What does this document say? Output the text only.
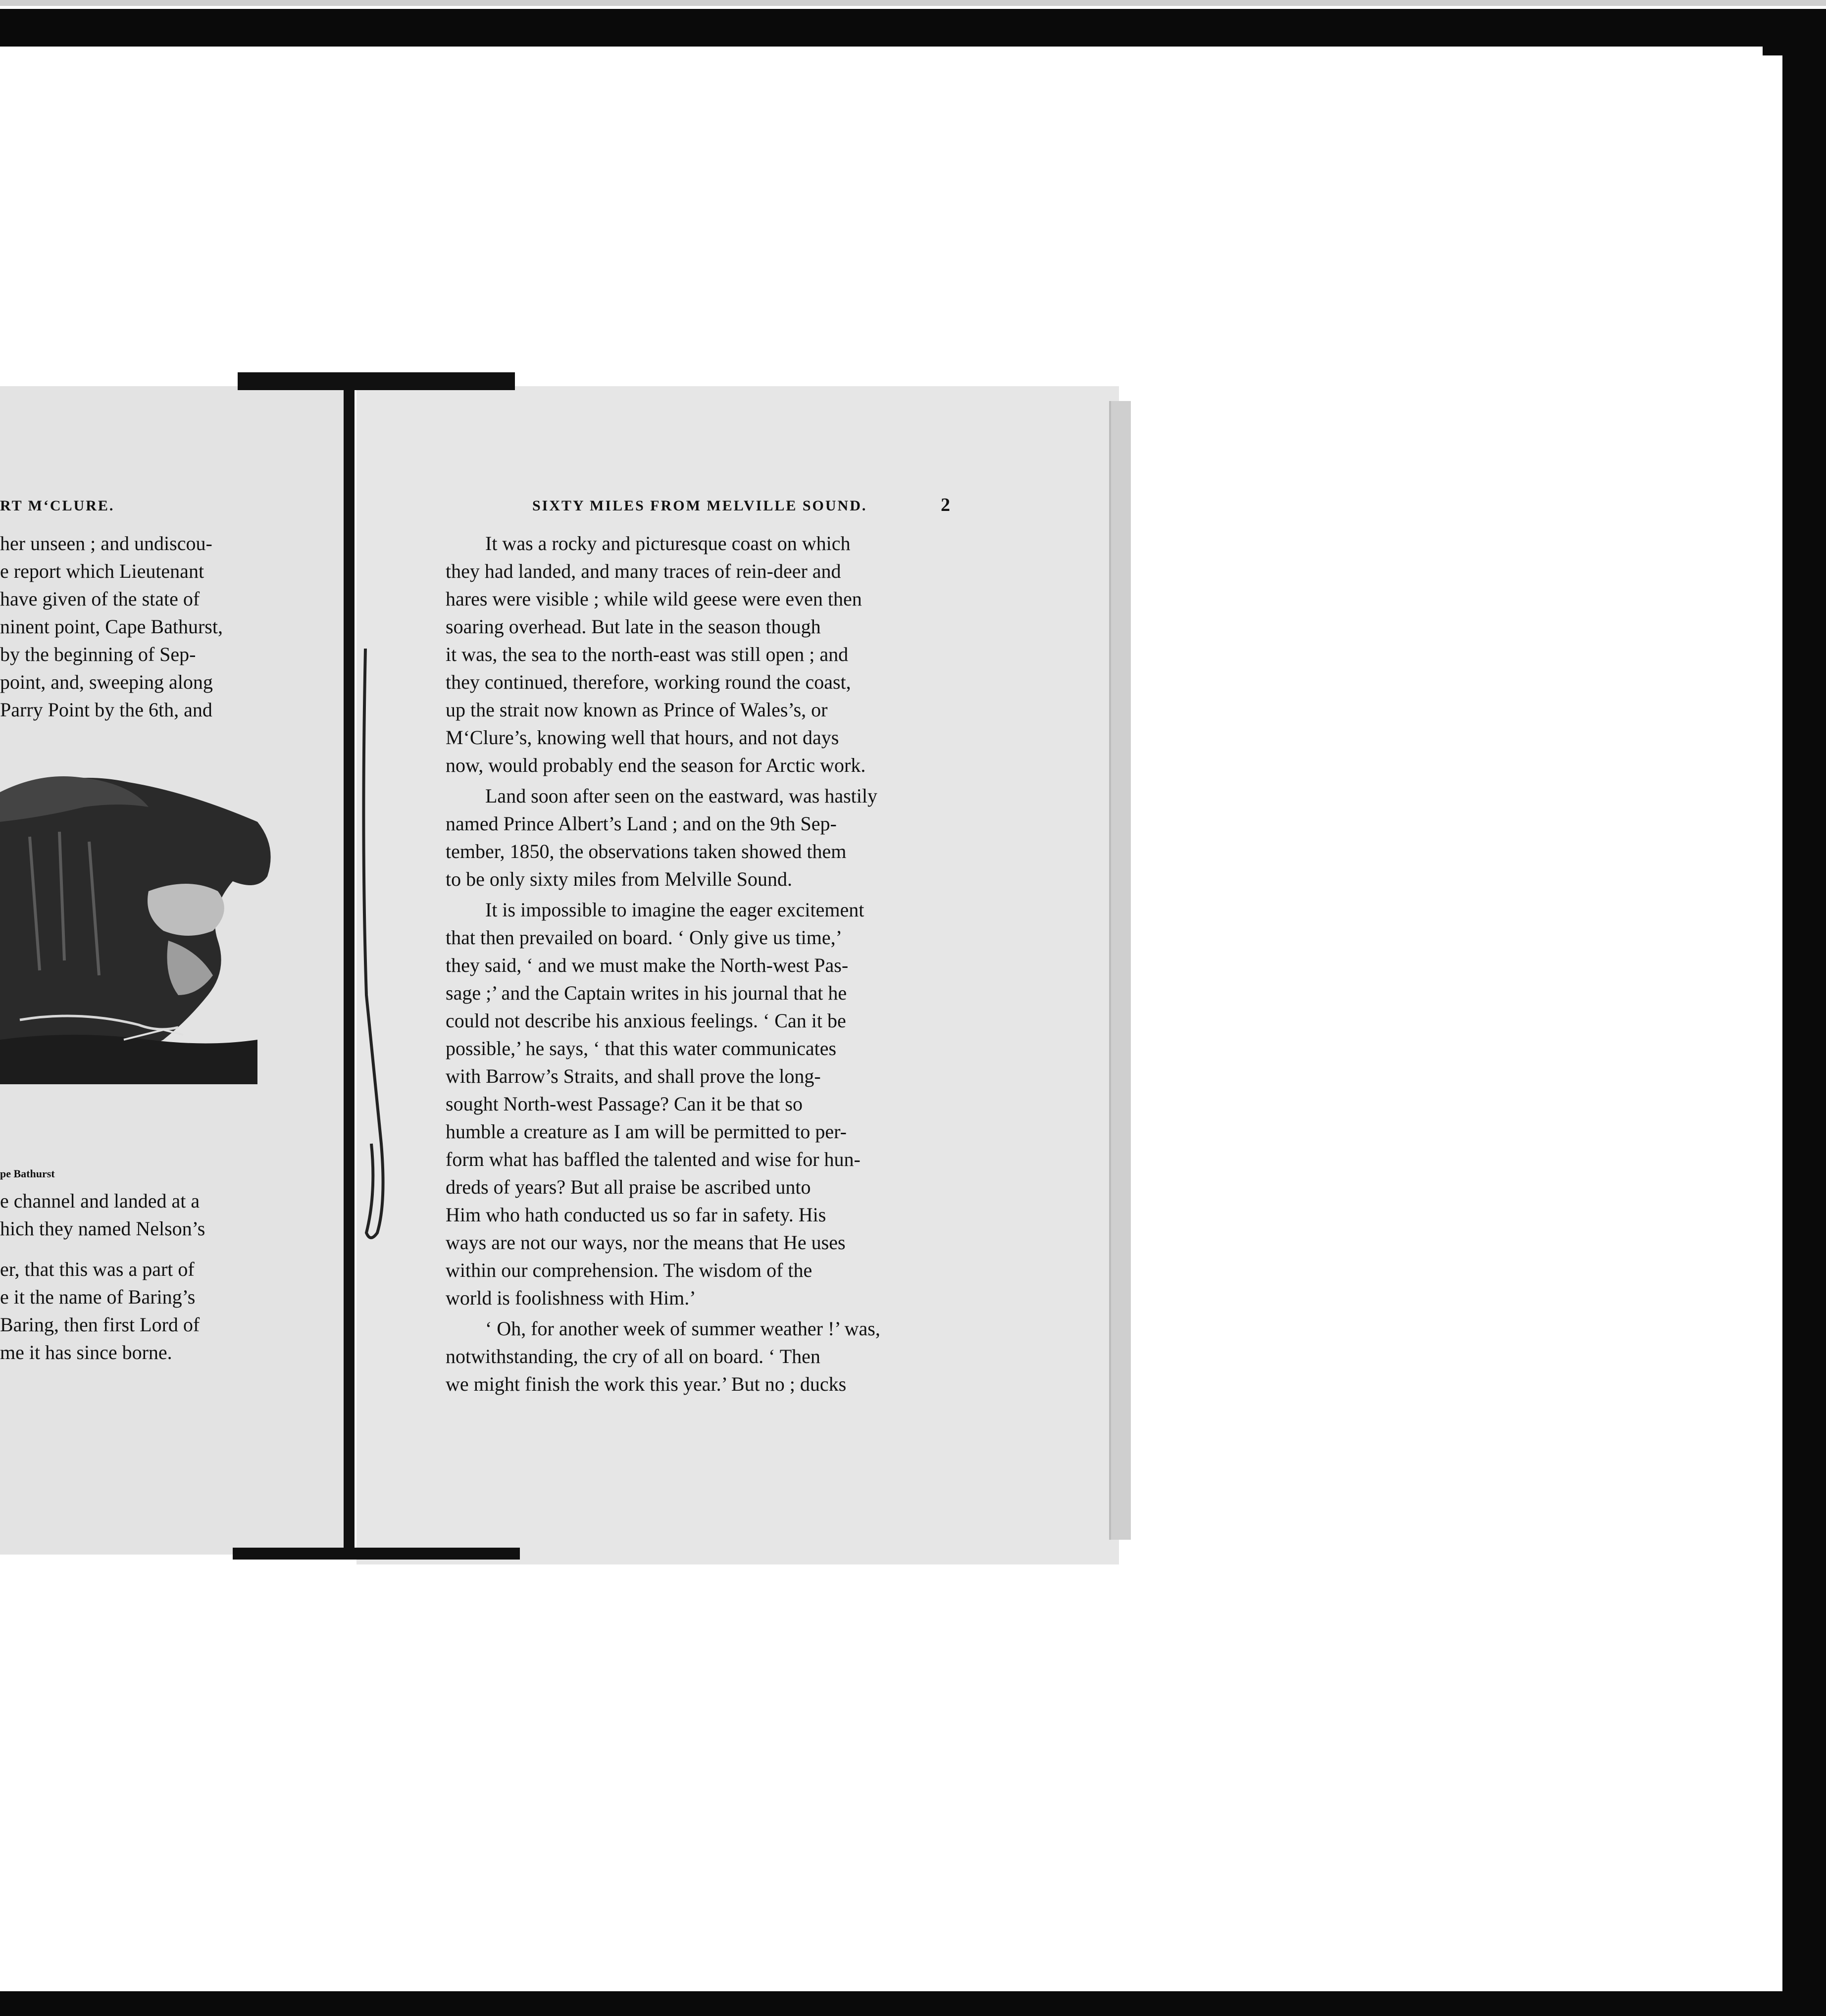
RT M‘CLURE.
her unseen ; and undiscou-
e report which Lieutenant
have given of the state of
ninent point, Cape Bathurst,
by the beginning of Sep-
point, and, sweeping along
Parry Point by the 6th, and
pe Bathurst
e channel and landed at a
hich they named Nelson’s
er, that this was a part of
e it the name of Baring’s
Baring, then first Lord of
me it has since borne.
SIXTY MILES FROM MELVILLE SOUND.	2
It was a rocky and picturesque coast on which
they had landed, and many traces of rein-deer and
hares were visible ; while wild geese were even then
soaring overhead. But late in the season though
it was, the sea to the north-east was still open ; and
they continued, therefore, working round the coast,
up the strait now known as Prince of Wales’s, or
M‘Clure’s, knowing well that hours, and not days
now, would probably end the season for Arctic work.
Land soon after seen on the eastward, was hastily
named Prince Albert’s Land ; and on the 9th Sep-
tember, 1850, the observations taken showed them
to be only sixty miles from Melville Sound.
It is impossible to imagine the eager excitement
that then prevailed on board. ‘ Only give us time,’
they said, ‘ and we must make the North-west Pas-
sage ;’ and the Captain writes in his journal that he
could not describe his anxious feelings. ‘ Can it be
possible,’ he says, ‘ that this water communicates
with Barrow’s Straits, and shall prove the long-
sought North-west Passage? Can it be that so
humble a creature as I am will be permitted to per-
form what has baffled the talented and wise for hun-
dreds of years? But all praise be ascribed unto
Him who hath conducted us so far in safety. His
ways are not our ways, nor the means that He uses
within our comprehension. The wisdom of the
world is foolishness with Him.’
‘ Oh, for another week of summer weather !’ was,
notwithstanding, the cry of all on board. ‘ Then
we might finish the work this year.’ But no ; ducks
